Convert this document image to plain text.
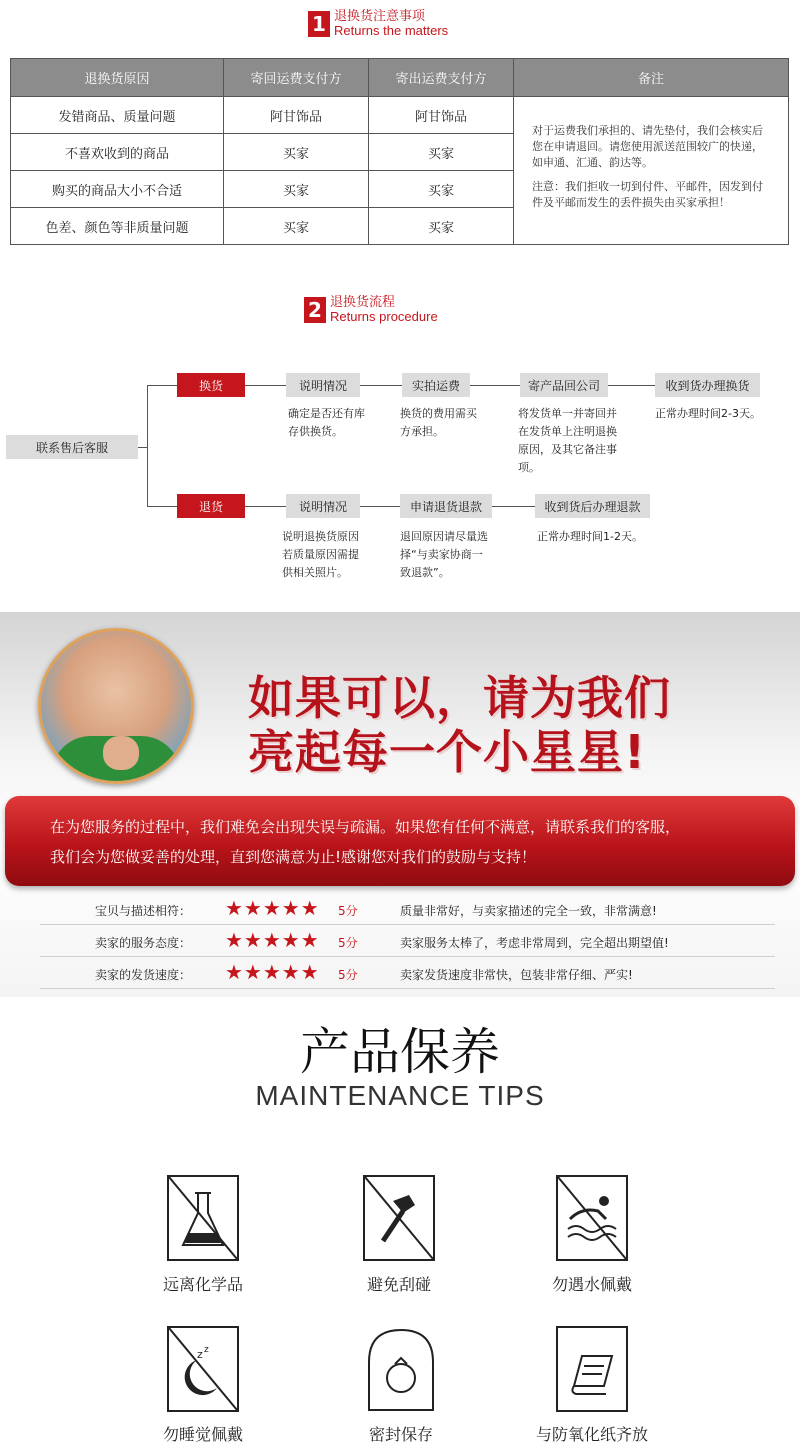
1 退换货注意事项
Returns the matters
退换货原因	寄回运费支付方	寄出运费支付方	备注
发错商品、质量问题	阿甘饰品	阿甘饰品	对于运费我们承担的、请先垫付，我们会核实后您在申请退回。请您使用派送范围较广的快递，如申通、汇通、韵达等。

注意：我们拒收一切到付件、平邮件，因发到付件及平邮而发生的丢件损失由买家承担！

不喜欢收到的商品	买家	买家	
购买的商品大小不合适	买家	买家	
色差、颜色等非质量问题	买家	买家	
2 退换货流程
Returns procedure
联系售后客服
换货	说明情况	实拍运费	寄产品回公司	收到货办理换货
确定是否还有库存供换货。
换货的费用需买方承担。
将发货单一并寄回并在发货单上注明退换原因，及其它备注事项。
正常办理时间2-3天。
退货	说明情况	申请退货退款	收到货后办理退款
说明退换货原因若质量原因需提供相关照片。
退回原因请尽量选择“与卖家协商一致退款”。
正常办理时间1-2天。
如果可以，请为我们
亮起每一个小星星!
在为您服务的过程中，我们难免会出现失误与疏漏。如果您有任何不满意，请联系我们的客服，
我们会为您做妥善的处理，直到您满意为止!感谢您对我们的鼓励与支持！
宝贝与描述相符： ★★★★★ 5分	质量非常好，与卖家描述的完全一致，非常满意!
卖家的服务态度： ★★★★★ 5分	卖家服务太棒了，考虑非常周到，完全超出期望值!
卖家的发货速度： ★★★★★ 5分	卖家发货速度非常快，包装非常仔细、严实!
产品保养
MAINTENANCE TIPS
远离化学品	避免刮碰	勿遇水佩戴
z z
勿睡觉佩戴	密封保存	与防氧化纸齐放
